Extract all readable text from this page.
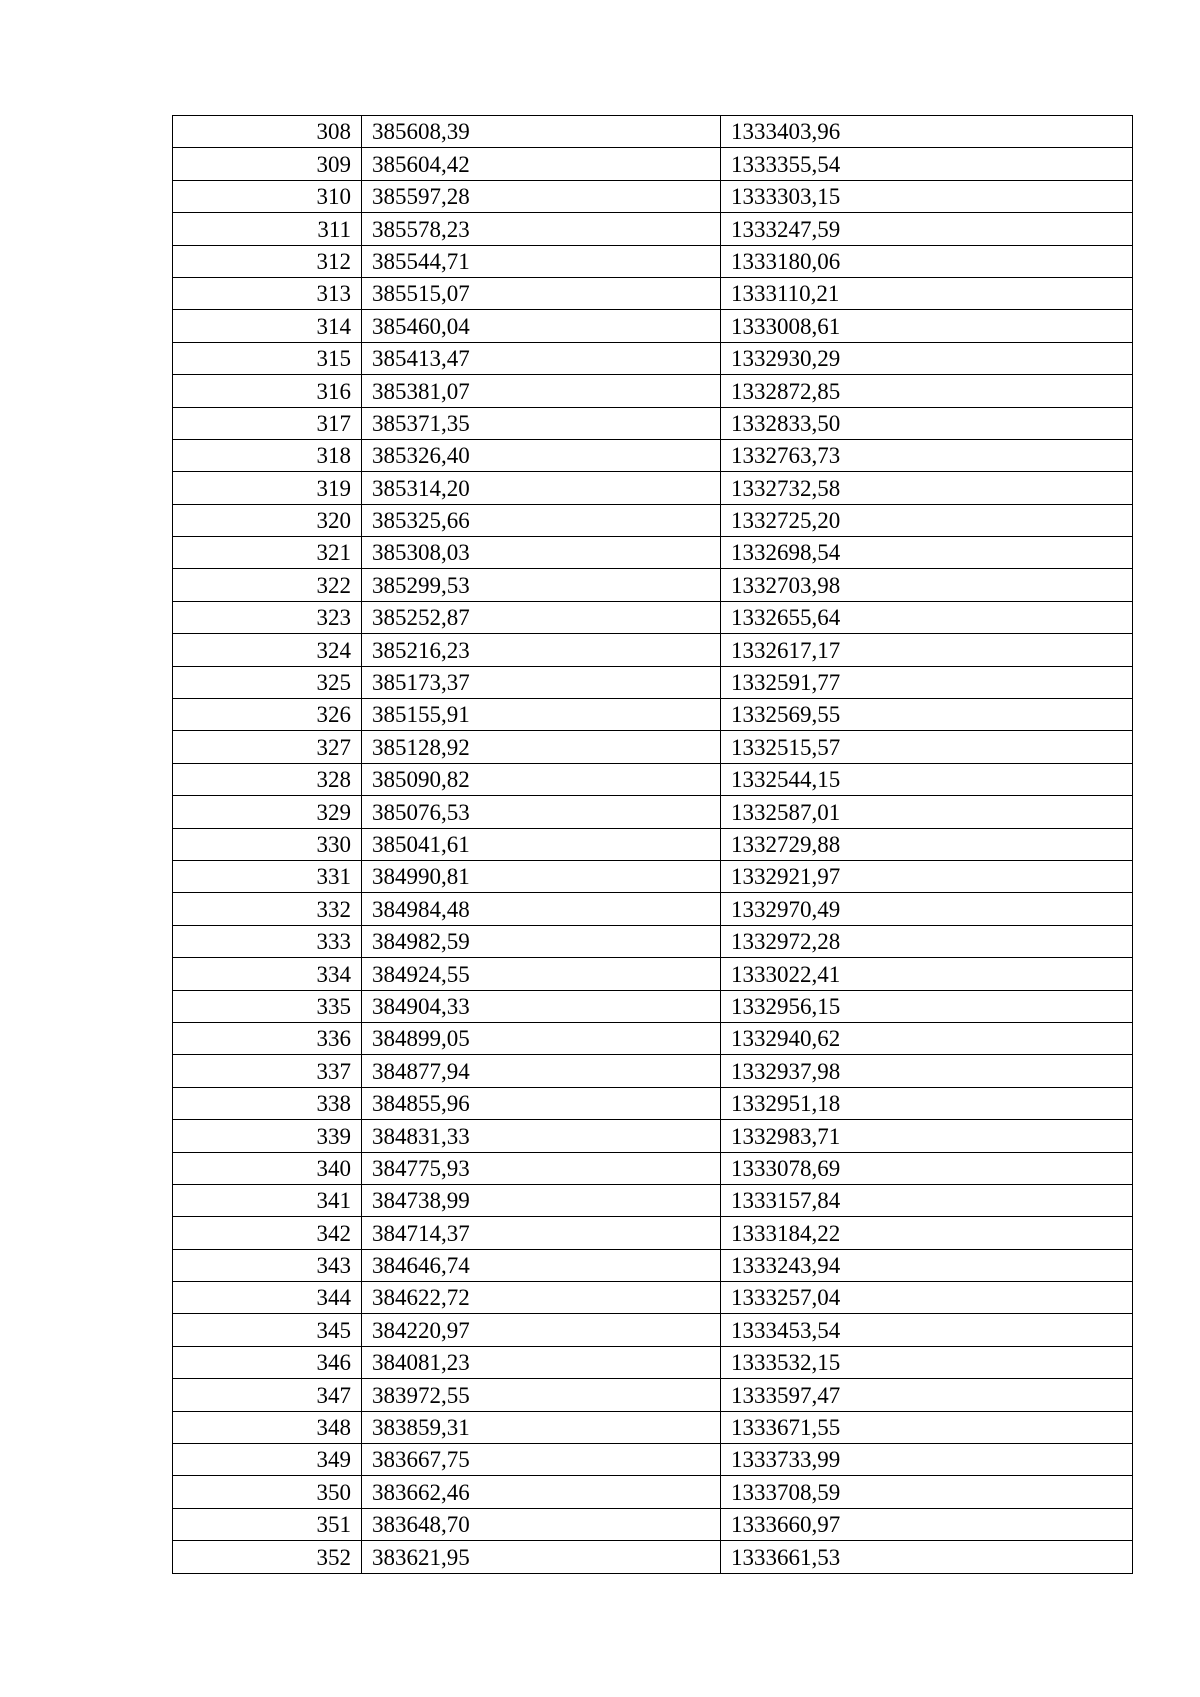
308	385608,39	1333403,96
309	385604,42	1333355,54
310	385597,28	1333303,15
311	385578,23	1333247,59
312	385544,71	1333180,06
313	385515,07	1333110,21
314	385460,04	1333008,61
315	385413,47	1332930,29
316	385381,07	1332872,85
317	385371,35	1332833,50
318	385326,40	1332763,73
319	385314,20	1332732,58
320	385325,66	1332725,20
321	385308,03	1332698,54
322	385299,53	1332703,98
323	385252,87	1332655,64
324	385216,23	1332617,17
325	385173,37	1332591,77
326	385155,91	1332569,55
327	385128,92	1332515,57
328	385090,82	1332544,15
329	385076,53	1332587,01
330	385041,61	1332729,88
331	384990,81	1332921,97
332	384984,48	1332970,49
333	384982,59	1332972,28
334	384924,55	1333022,41
335	384904,33	1332956,15
336	384899,05	1332940,62
337	384877,94	1332937,98
338	384855,96	1332951,18
339	384831,33	1332983,71
340	384775,93	1333078,69
341	384738,99	1333157,84
342	384714,37	1333184,22
343	384646,74	1333243,94
344	384622,72	1333257,04
345	384220,97	1333453,54
346	384081,23	1333532,15
347	383972,55	1333597,47
348	383859,31	1333671,55
349	383667,75	1333733,99
350	383662,46	1333708,59
351	383648,70	1333660,97
352	383621,95	1333661,53
